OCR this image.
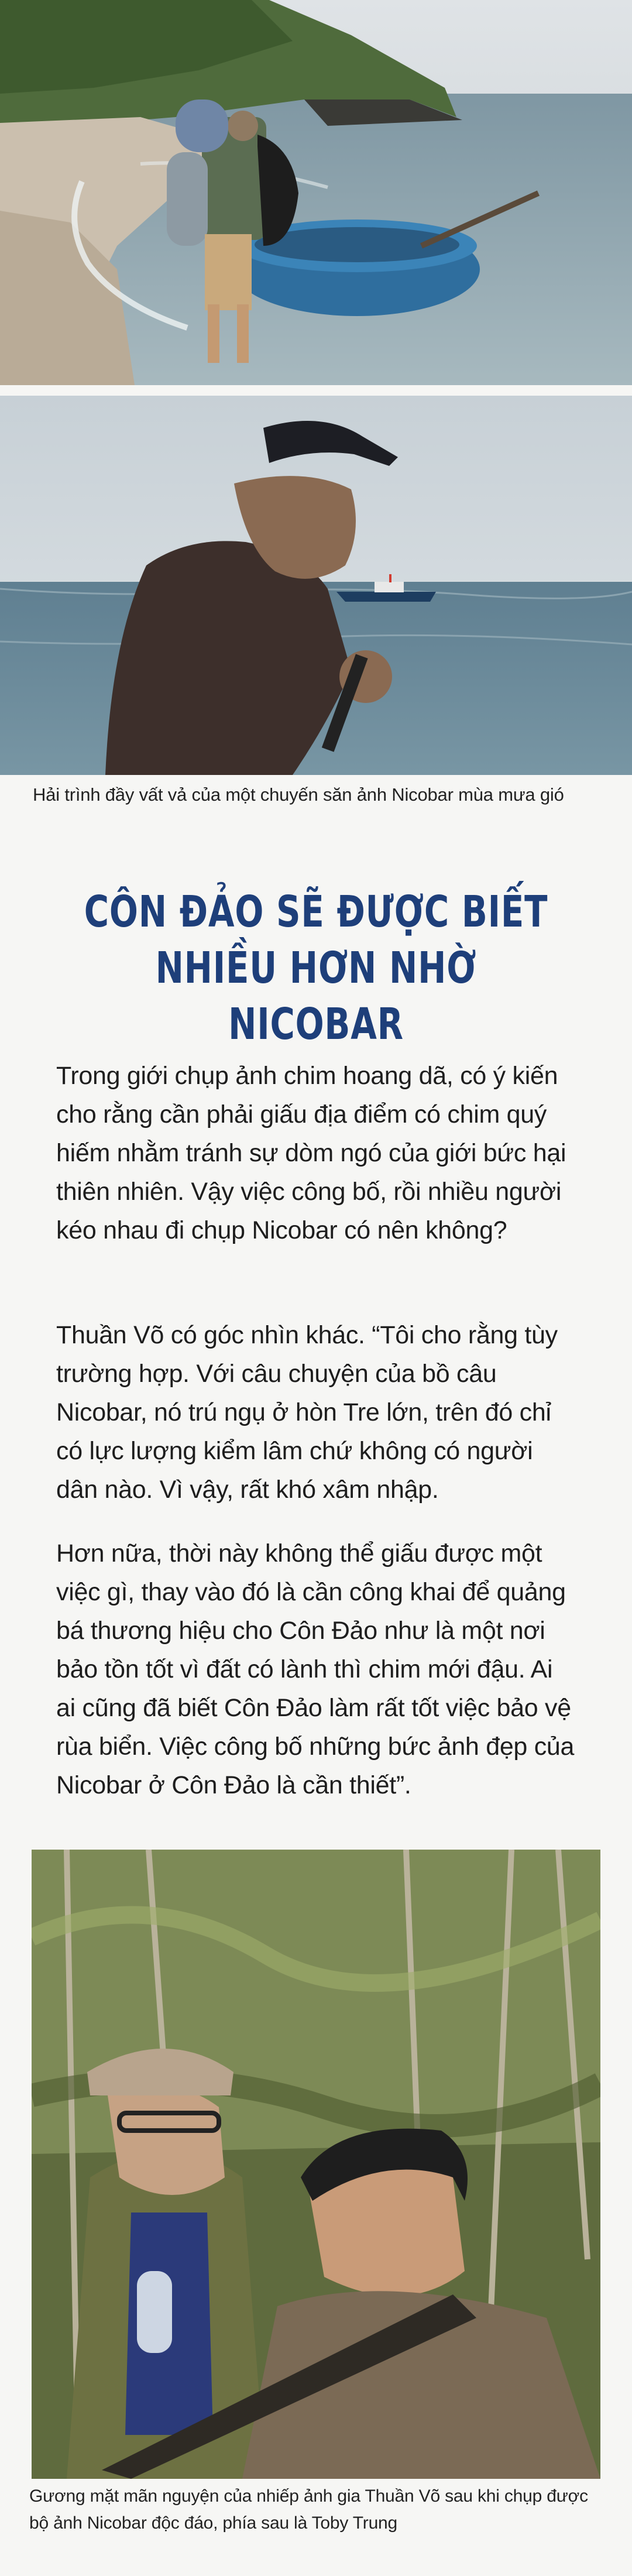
Hải trình đầy vất vả của một chuyến săn ảnh Nicobar mùa mưa gió
CÔN ĐẢO SẼ ĐƯỢC BIẾT NHIỀU HƠN NHỜ NICOBAR

Trong giới chụp ảnh chim hoang dã, có ý kiến cho rằng cần phải giấu địa điểm có chim quý hiếm nhằm tránh sự dòm ngó của giới bức hại thiên nhiên. Vậy việc công bố, rồi nhiều người kéo nhau đi chụp Nicobar có nên không?

Thuần Võ có góc nhìn khác. “Tôi cho rằng tùy trường hợp. Với câu chuyện của bồ câu Nicobar, nó trú ngụ ở hòn Tre lớn, trên đó chỉ có lực lượng kiểm lâm chứ không có người dân nào. Vì vậy, rất khó xâm nhập.

Hơn nữa, thời này không thể giấu được một việc gì, thay vào đó là cần công khai để quảng bá thương hiệu cho Côn Đảo như là một nơi bảo tồn tốt vì đất có lành thì chim mới đậu. Ai ai cũng đã biết Côn Đảo làm rất tốt việc bảo vệ rùa biển. Việc công bố những bức ảnh đẹp của Nicobar ở Côn Đảo là cần thiết”.

Gương mặt mãn nguyện của nhiếp ảnh gia Thuần Võ sau khi chụp được bộ ảnh Nicobar độc đáo, phía sau là Toby Trung
